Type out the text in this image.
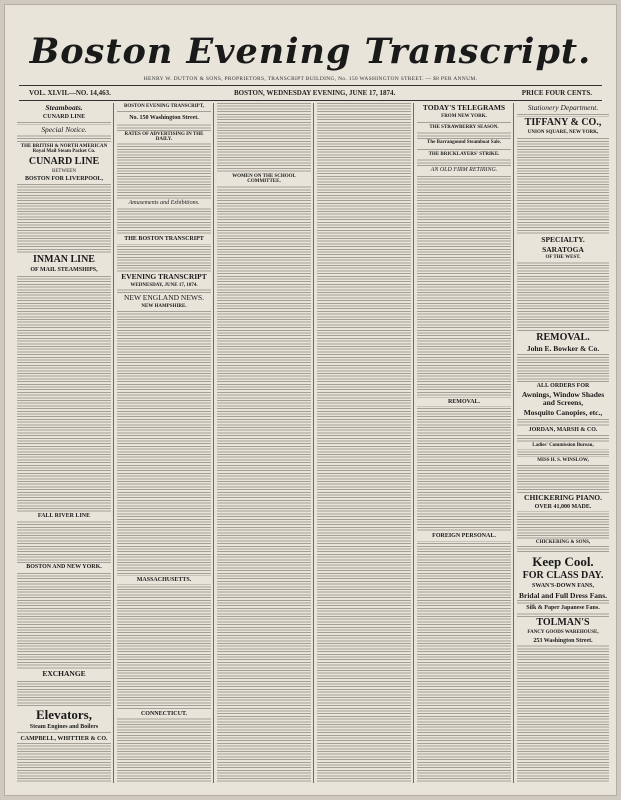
Boston Evening Transcript.
HENRY W. DUTTON & SONS, PROPRIETORS, TRANSCRIPT BUILDING, No. 150 WASHINGTON STREET. — $8 PER ANNUM.
VOL. XLVII.—NO. 14,463.	BOSTON, WEDNESDAY EVENING, JUNE 17, 1874.	PRICE FOUR CENTS.
Steamboats.
CUNARD LINE
Special Notice.
THE BRITISH & NORTH AMERICAN Royal Mail Steam Packet Co.
CUNARD LINE
BETWEEN
BOSTON FOR LIVERPOOL,
INMAN LINE
OF MAIL STEAMSHIPS,
FALL RIVER LINE
BOSTON AND NEW YORK.
EXCHANGE
Elevators,
Steam Engines and Boilers
CAMPBELL, WHITTIER & CO.
BOSTON EVENING TRANSCRIPT,
No. 150 Washington Street.
RATES OF ADVERTISING IN THE DAILY.
Amusements and Exhibitions.
THE BOSTON TRANSCRIPT
EVENING TRANSCRIPT
WEDNESDAY, JUNE 17, 1874.
NEW ENGLAND NEWS.
NEW HAMPSHIRE.
MASSACHUSETTS.
CONNECTICUT.
WOMEN ON THE SCHOOL COMMITTEE.
TODAY'S TELEGRAMS
FROM NEW YORK.
THE STRAWBERRY SEASON.
The Barrangound Steamboat Sale.
THE BRICKLAYERS' STRIKE.
AN OLD FIRM RETIRING.
REMOVAL.
FOREIGN PERSONAL.
Stationery Department.
TIFFANY & CO.,
UNION SQUARE, NEW YORK,
SPECIALTY.
SARATOGA
OF THE WEST.
REMOVAL.
John E. Bowker & Co.
ALL ORDERS FOR
Awnings, Window Shades and Screens,
Mosquito Canopies, etc.,
JORDAN, MARSH & CO.
Ladies' Commission Bureau,
MISS H. S. WINSLOW,
CHICKERING PIANO.
OVER 41,000 MADE.
CHICKERING & SONS,
Keep Cool.
FOR CLASS DAY.
SWAN'S-DOWN FANS,
Bridal and Full Dress Fans.
Silk & Paper Japanese Fans.
TOLMAN'S
FANCY GOODS WAREHOUSE,
253 Washington Street.
